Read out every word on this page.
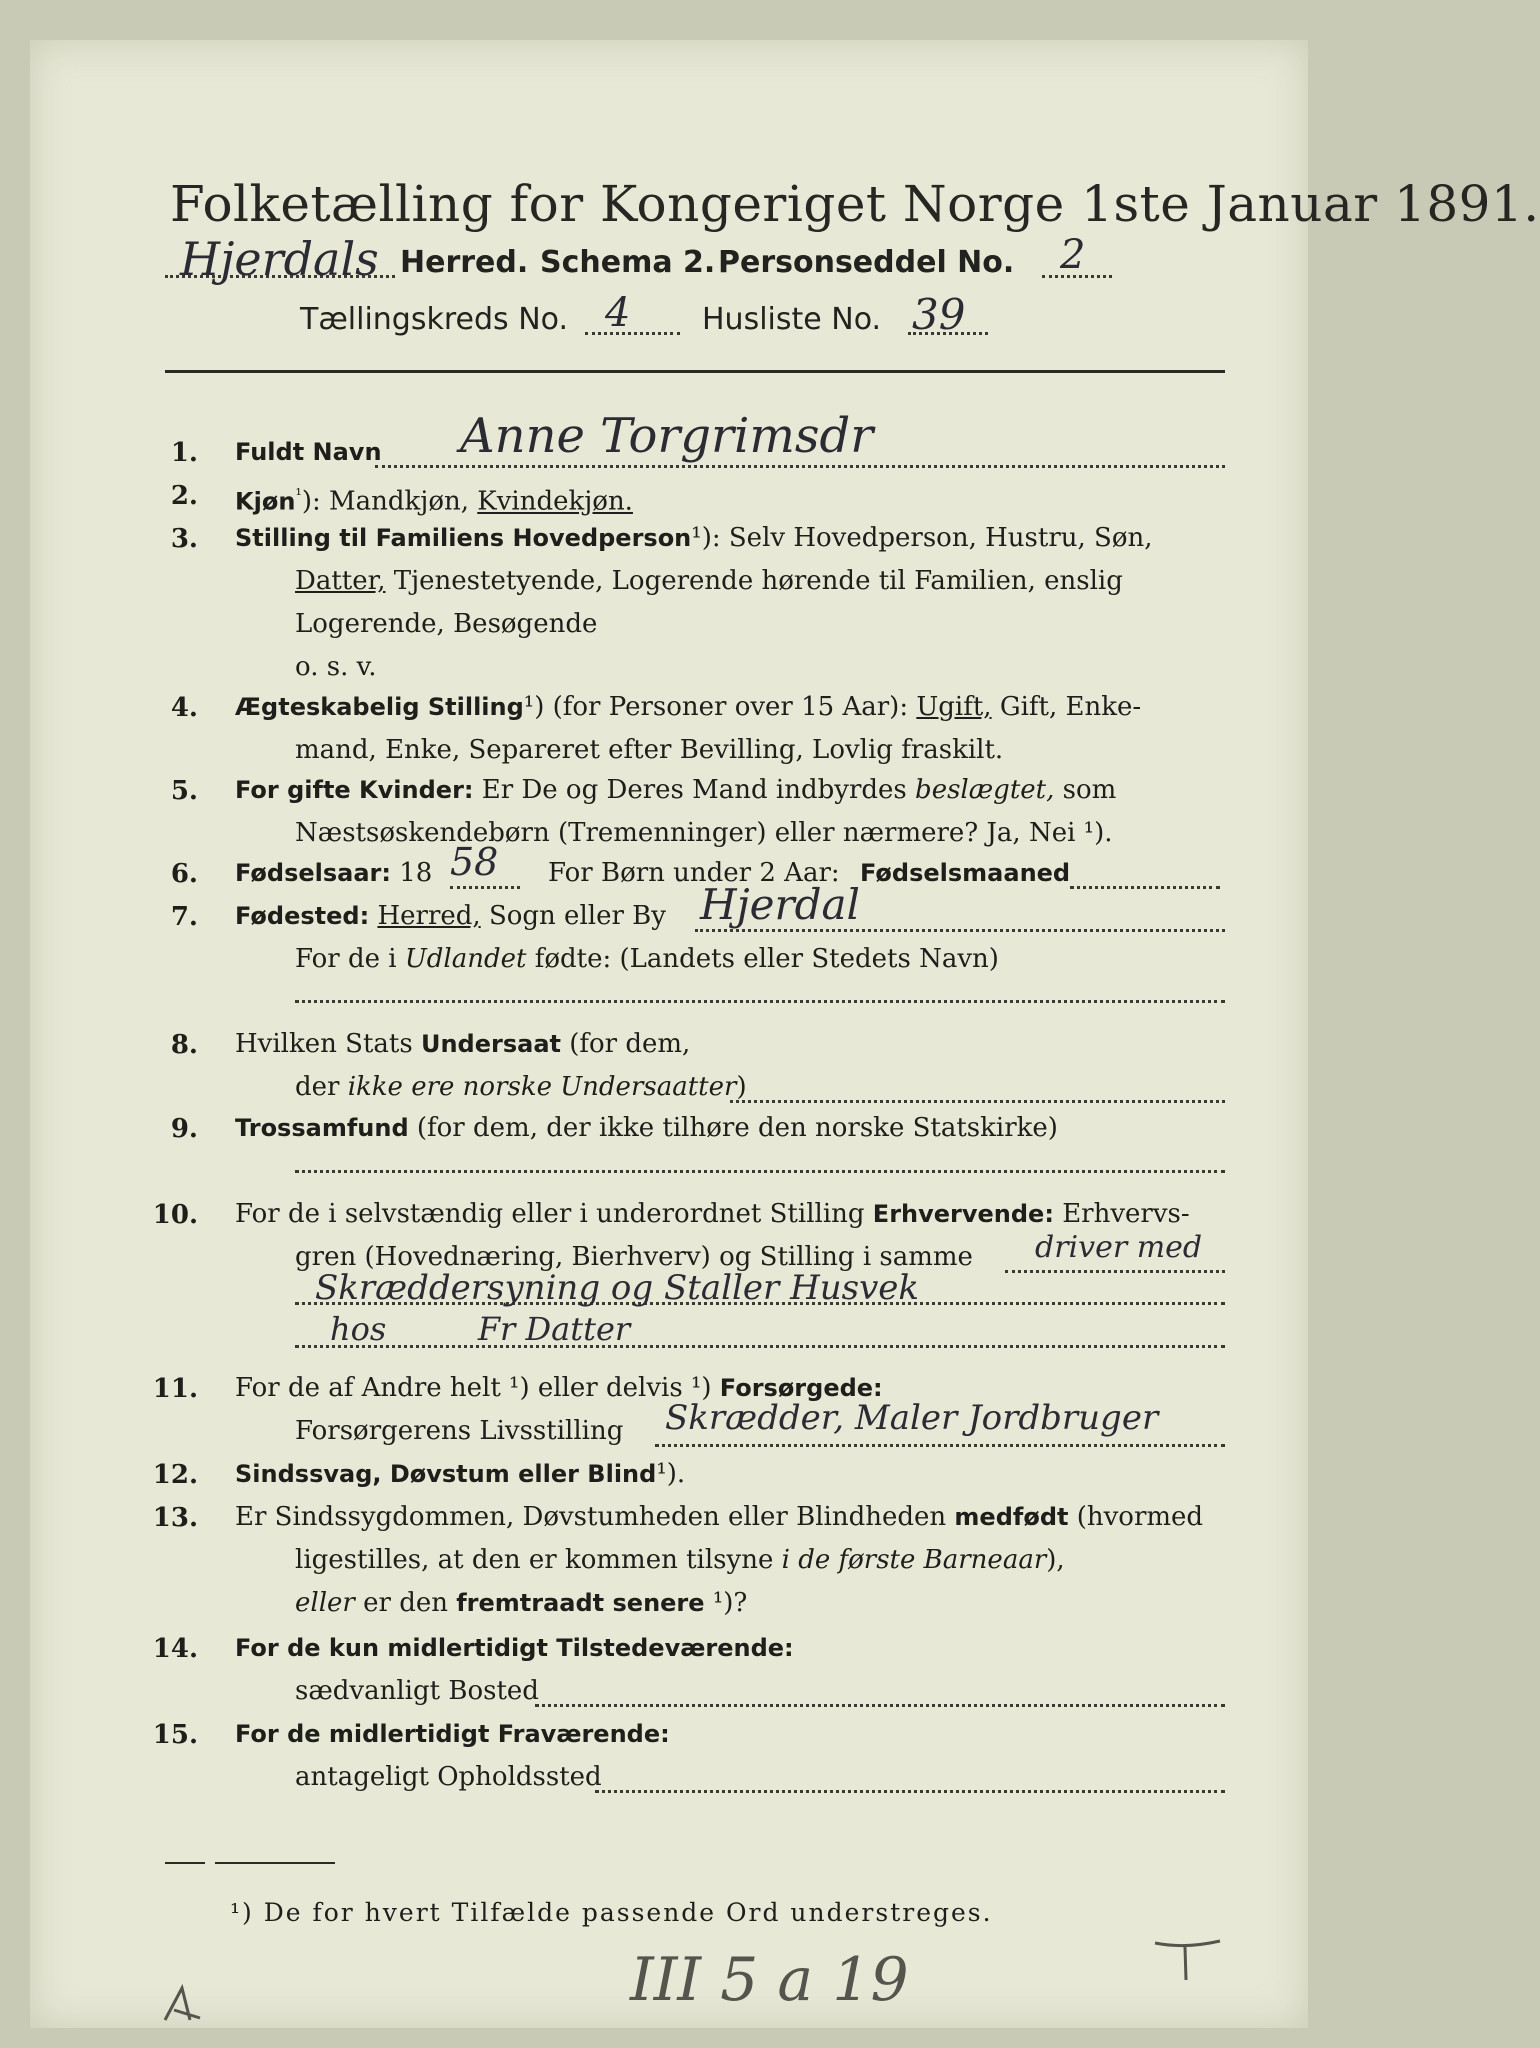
Folketælling for Kongeriget Norge 1ste Januar 1891.
Hjerdals Herred. Schema 2. Personseddel No. 2
Tællingskreds No. 4 Husliste No. 39
1. Fuldt Navn Anne Torgrimsdr
2. Kjøn$^{^1}$): Mandkjøn, Kvindekjøn.
3. Stilling til Familiens Hovedperson¹): Selv Hovedperson, Hustru, Søn,
Datter, Tjenestetyende, Logerende hørende til Familien, enslig
Logerende, Besøgende
o. s. v.
4. Ægteskabelig Stilling¹) (for Personer over 15 Aar): Ugift, Gift, Enke-
mand, Enke, Separeret efter Bevilling, Lovlig fraskilt.
5. For gifte Kvinder: Er De og Deres Mand indbyrdes beslægtet, som
Næstsøskendebørn (Tremenninger) eller nærmere? Ja, Nei ¹).
6. Fødselsaar: 18 58 For Børn under 2 Aar: Fødselsmaaned
7. Fødested: Herred, Sogn eller By Hjerdal
For de i Udlandet fødte: (Landets eller Stedets Navn)
8. Hvilken Stats Undersaat (for dem,
der ikke ere norske Undersaatter)
9. Trossamfund (for dem, der ikke tilhøre den norske Statskirke)
10. For de i selvstændig eller i underordnet Stilling Erhvervende: Erhvervs-
gren (Hovednæring, Bierhverv) og Stilling i samme driver med
Skræddersyning og Staller Husvek
hos         Fr Datter
11. For de af Andre helt ¹) eller delvis ¹) Forsørgede:
Forsørgerens Livsstilling Skrædder, Maler Jordbruger
12. Sindssvag, Døvstum eller Blind¹).
13. Er Sindssygdommen, Døvstumheden eller Blindheden medfødt (hvormed
ligestilles, at den er kommen tilsyne i de første Barneaar),
eller er den fremtraadt senere ¹)?
14. For de kun midlertidigt Tilstedeværende:
sædvanligt Bosted
15. For de midlertidigt Fraværende:
antageligt Opholdssted
¹) De for hvert Tilfælde passende Ord understreges.
III 5 a 19
